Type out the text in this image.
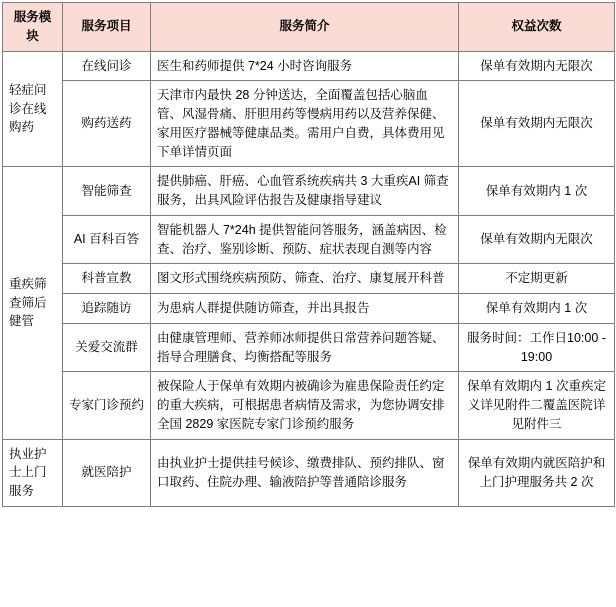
服务模块	服务项目	服务简介	权益次数
轻症问诊在线购药	在线问诊	医生和药师提供 7*24 小时咨询服务	保单有效期内无限次
	购药送药	天津市内最快 28 分钟送达，全面覆盖包括心脑血管、风湿骨痛、肝胆用药等慢病用药以及营养保健、家用医疗器械等健康品类。需用户自费，具体费用见下单详情页面	保单有效期内无限次
重疾筛查筛后健管	智能筛查	提供肺癌、肝癌、心血管系统疾病共 3 大重疾AI 筛查服务，出具风险评估报告及健康指导建议	保单有效期内 1 次
	AI 百科百答	智能机器人 7*24h 提供智能问答服务，涵盖病因、检查、治疗、鉴别诊断、预防、症状表现自测等内容	保单有效期内无限次
	科普宣教	图文形式围绕疾病预防、筛查、治疗、康复展开科普	不定期更新
	追踪随访	为患病人群提供随访筛查，并出具报告	保单有效期内 1 次
	关爱交流群	由健康管理师、营养师冰师提供日常营养问题答疑、指导合理膳食、均衡搭配等服务	服务时间：工作日10:00 - 19:00
	专家门诊预约	被保险人于保单有效期内被确诊为雇患保险责任约定的重大疾病，可根据患者病情及需求，为您协调安排全国 2829 家医院专家门诊预约服务	保单有效期内 1 次重疾定义详见附件二覆盖医院详见附件三
执业护士上门服务	就医陪护	由执业护士提供挂号候诊、缴费排队、预约排队、窗口取药、住院办理、输液陪护等普通陪诊服务	保单有效期内就医陪护和上门护理服务共 2 次
